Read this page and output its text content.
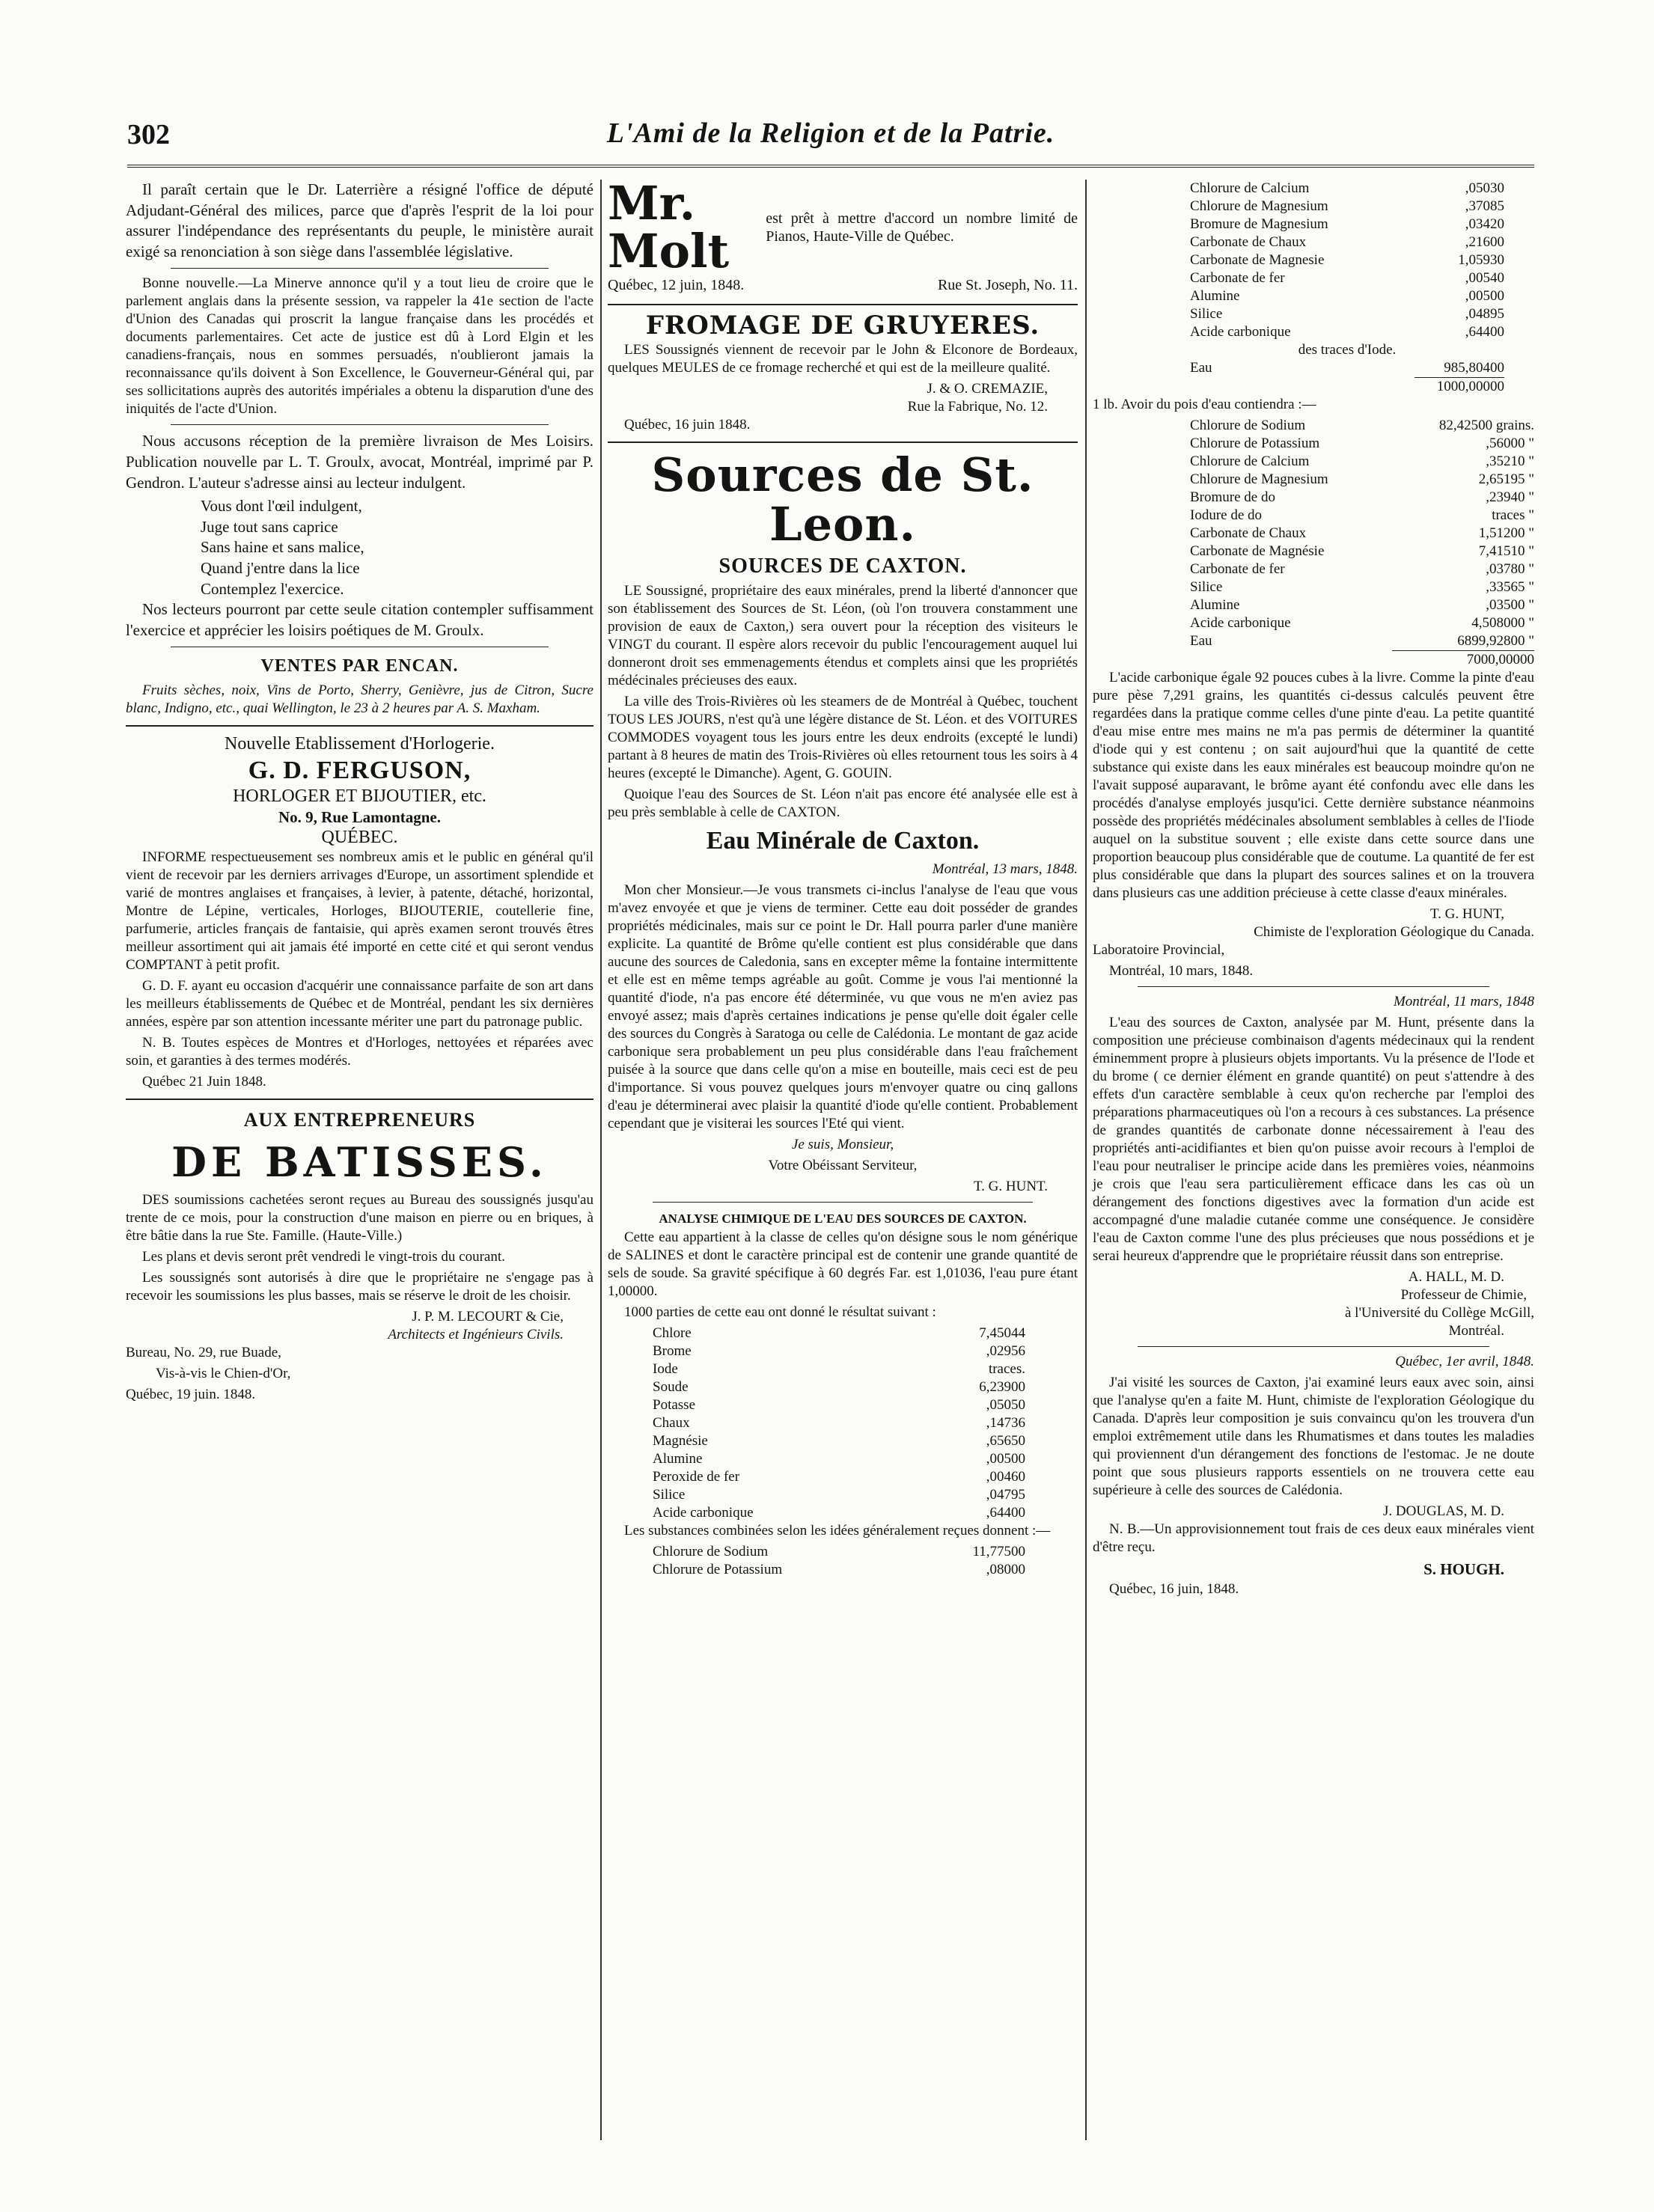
302	L'Ami de la Religion et de la Patrie.

Il paraît certain que le Dr. Laterrière a résigné l'office de député Adjudant-Général des milices, parce que d'après l'esprit de la loi pour assurer l'indépendance des représentants du peuple, le ministère aurait exigé sa renonciation à son siège dans l'assemblée législative.

Bonne nouvelle.—La Minerve annonce qu'il y a tout lieu de croire que le parlement anglais dans la présente session, va rappeler la 41e section de l'acte d'Union des Canadas qui proscrit la langue française dans les procédés et documents parlementaires. Cet acte de justice est dû à Lord Elgin et les canadiens-français, nous en sommes persuadés, n'oublieront jamais la reconnaissance qu'ils doivent à Son Excellence, le Gouverneur-Général qui, par ses sollicitations auprès des autorités impériales a obtenu la disparution d'une des iniquités de l'acte d'Union.

Nous accusons réception de la première livraison de Mes Loisirs. Publication nouvelle par L. T. Groulx, avocat, Montréal, imprimé par P. Gendron. L'auteur s'adresse ainsi au lecteur indulgent.

Vous dont l'œil indulgent,

Juge tout sans caprice

Sans haine et sans malice,

Quand j'entre dans la lice

Contemplez l'exercice.

Nos lecteurs pourront par cette seule citation contempler suffisamment l'exercice et apprécier les loisirs poétiques de M. Groulx.

VENTES PAR ENCAN.

Fruits sèches, noix, Vins de Porto, Sherry, Genièvre, jus de Citron, Sucre blanc, Indigno, etc., quai Wellington, le 23 à 2 heures par A. S. Maxham.

Nouvelle Etablissement d'Horlogerie.
G. D. FERGUSON,
HORLOGER ET BIJOUTIER, etc.
No. 9, Rue Lamontagne.
QUÉBEC.

INFORME respectueusement ses nombreux amis et le public en général qu'il vient de recevoir par les derniers arrivages d'Europe, un assortiment splendide et varié de montres anglaises et françaises, à levier, à patente, détaché, horizontal, Montre de Lépine, verticales, Horloges, BIJOUTERIE, coutellerie fine, parfumerie, articles français de fantaisie, qui après examen seront trouvés êtres meilleur assortiment qui ait jamais été importé en cette cité et qui seront vendus COMPTANT à petit profit.

G. D. F. ayant eu occasion d'acquérir une connaissance parfaite de son art dans les meilleurs établissements de Québec et de Montréal, pendant les six dernières années, espère par son attention incessante mériter une part du patronage public.

N. B. Toutes espèces de Montres et d'Horloges, nettoyées et réparées avec soin, et garanties à des termes modérés.

Québec 21 Juin 1848.

AUX ENTREPRENEURS
DE BATISSES.

DES soumissions cachetées seront reçues au Bureau des soussignés jusqu'au trente de ce mois, pour la construction d'une maison en pierre ou en briques, à être bâtie dans la rue Ste. Famille. (Haute-Ville.)

Les plans et devis seront prêt vendredi le vingt-trois du courant.

Les soussignés sont autorisés à dire que le propriétaire ne s'engage pas à recevoir les soumissions les plus basses, mais se réserve le droit de les choisir.

J. P. M. LECOURT & Cie,

Architects et Ingénieurs Civils.

Bureau, No. 29, rue Buade,

Vis-à-vis le Chien-d'Or,

Québec, 19 juin. 1848.

Mr. Molt
est prêt à mettre d'accord un nombre limité de Pianos, Haute-Ville de Québec.
Québec, 12 juin, 1848.	Rue St. Joseph, No. 11.
FROMAGE DE GRUYERES.

LES Soussignés viennent de recevoir par le John & Elconore de Bordeaux, quelques MEULES de ce fromage recherché et qui est de la meilleure qualité.

J. & O. CREMAZIE,

Rue la Fabrique, No. 12.

Québec, 16 juin 1848.

Sources de St. Leon.
SOURCES DE CAXTON.

LE Soussigné, propriétaire des eaux minérales, prend la liberté d'annoncer que son établissement des Sources de St. Léon, (où l'on trouvera constamment une provision de eaux de Caxton,) sera ouvert pour la réception des visiteurs le VINGT du courant. Il espère alors recevoir du public l'encouragement auquel lui donneront droit ses emmenagements étendus et complets ainsi que les propriétés médécinales précieuses des eaux.

La ville des Trois-Rivières où les steamers de de Montréal à Québec, touchent TOUS LES JOURS, n'est qu'à une légère distance de St. Léon. et des VOITURES COMMODES voyagent tous les jours entre les deux endroits (excepté le lundi) partant à 8 heures de matin des Trois-Rivières où elles retournent tous les soirs à 4 heures (excepté le Dimanche). Agent, G. GOUIN.

Quoique l'eau des Sources de St. Léon n'ait pas encore été analysée elle est à peu près semblable à celle de CAXTON.

Eau Minérale de Caxton.

Montréal, 13 mars, 1848.

Mon cher Monsieur.—Je vous transmets ci-inclus l'analyse de l'eau que vous m'avez envoyée et que je viens de terminer. Cette eau doit posséder de grandes propriétés médicinales, mais sur ce point le Dr. Hall pourra parler d'une manière explicite. La quantité de Brôme qu'elle contient est plus considérable que dans aucune des sources de Caledonia, sans en excepter même la fontaine intermittente et elle est en même temps agréable au goût. Comme je vous l'ai mentionné la quantité d'iode, n'a pas encore été déterminée, vu que vous ne m'en aviez pas envoyé assez; mais d'après certaines indications je pense qu'elle doit égaler celle des sources du Congrès à Saratoga ou celle de Calédonia. Le montant de gaz acide carbonique sera probablement un peu plus considérable dans l'eau fraîchement puisée à la source que dans celle qu'on a mise en bouteille, mais ceci est de peu d'importance. Si vous pouvez quelques jours m'envoyer quatre ou cinq gallons d'eau je déterminerai avec plaisir la quantité d'iode qu'elle contient. Probablement cependant que je visiterai les sources l'Eté qui vient.

Je suis, Monsieur,

Votre Obéissant Serviteur,

T. G. HUNT.

ANALYSE CHIMIQUE DE L'EAU DES SOURCES DE CAXTON.

Cette eau appartient à la classe de celles qu'on désigne sous le nom générique de SALINES et dont le caractère principal est de contenir une grande quantité de sels de soude. Sa gravité spécifique à 60 degrés Far. est 1,01036, l'eau pure étant 1,00000.

1000 parties de cette eau ont donné le résultat suivant :

Chlore	7,45044
Brome	,02956
Iode	traces.
Soude	6,23900
Potasse	,05050
Chaux	,14736
Magnésie	,65650
Alumine	,00500
Peroxide de fer	,00460
Silice	,04795
Acide carbonique	,64400

Les substances combinées selon les idées généralement reçues donnent :—

Chlorure de Sodium	11,77500
Chlorure de Potassium	,08000
Chlorure de Calcium	,05030
Chlorure de Magnesium	,37085
Bromure de Magnesium	,03420
Carbonate de Chaux	,21600
Carbonate de Magnesie	1,05930
Carbonate de fer	,00540
Alumine	,00500
Silice	,04895
Acide carbonique	,64400
des traces d'Iode.
Eau	985,80400
1000,00000

1 lb. Avoir du pois d'eau contiendra :—

Chlorure de Sodium	82,42500 grains.
Chlorure de Potassium	,56000 "
Chlorure de Calcium	,35210 "
Chlorure de Magnesium	2,65195 "
Bromure de do	,23940 "
Iodure de do	traces "
Carbonate de Chaux	1,51200 "
Carbonate de Magnésie	7,41510 "
Carbonate de fer	,03780 "
Silice	,33565 "
Alumine	,03500 "
Acide carbonique	4,508000 "
Eau	6899,92800 "
7000,00000

L'acide carbonique égale 92 pouces cubes à la livre. Comme la pinte d'eau pure pèse 7,291 grains, les quantités ci-dessus calculés peuvent être regardées dans la pratique comme celles d'une pinte d'eau. La petite quantité d'eau mise entre mes mains ne m'a pas permis de déterminer la quantité d'iode qui y est contenu ; on sait aujourd'hui que la quantité de cette substance qui existe dans les eaux minérales est beaucoup moindre qu'on ne l'avait supposé auparavant, le brôme ayant été confondu avec elle dans les procédés d'analyse employés jusqu'ici. Cette dernière substance néanmoins possède des propriétés médécinales absolument semblables à celles de l'Iiode auquel on la substitue souvent ; elle existe dans cette source dans une proportion beaucoup plus considérable que de coutume. La quantité de fer est plus considérable que dans la plupart des sources salines et on la trouvera dans plusieurs cas une addition précieuse à cette classe d'eaux minérales.

T. G. HUNT,

Chimiste de l'exploration Géologique du Canada.

Laboratoire Provincial,

Montréal, 10 mars, 1848.

Montréal, 11 mars, 1848

L'eau des sources de Caxton, analysée par M. Hunt, présente dans la composition une précieuse combinaison d'agents médecinaux qui la rendent éminemment propre à plusieurs objets importants. Vu la présence de l'Iode et du brome ( ce dernier élément en grande quantité) on peut s'attendre à des effets d'un caractère semblable à ceux qu'on recherche par l'emploi des préparations pharmaceutiques où l'on a recours à ces substances. La présence de grandes quantités de carbonate donne nécessairement à l'eau des propriétés anti-acidifiantes et bien qu'on puisse avoir recours à l'emploi de l'eau pour neutraliser le principe acide dans les premières voies, néanmoins je crois que l'eau sera particulièrement efficace dans les cas où un dérangement des fonctions digestives avec la formation d'un acide est accompagné d'une maladie cutanée comme une conséquence. Je considère l'eau de Caxton comme l'une des plus précieuses que nous possédions et je serai heureux d'apprendre que le propriétaire réussit dans son entreprise.

A. HALL, M. D.

Professeur de Chimie,

à l'Université du Collège McGill,

Montréal.

Québec, 1er avril, 1848.

J'ai visité les sources de Caxton, j'ai examiné leurs eaux avec soin, ainsi que l'analyse qu'en a faite M. Hunt, chimiste de l'exploration Géologique du Canada. D'après leur composition je suis convaincu qu'on les trouvera d'un emploi extrêmement utile dans les Rhumatismes et dans toutes les maladies qui proviennent d'un dérangement des fonctions de l'estomac. Je ne doute point que sous plusieurs rapports essentiels on ne trouvera cette eau supérieure à celle des sources de Calédonia.

J. DOUGLAS, M. D.

N. B.—Un approvisionnement tout frais de ces deux eaux minérales vient d'être reçu.

S. HOUGH.

Québec, 16 juin, 1848.
